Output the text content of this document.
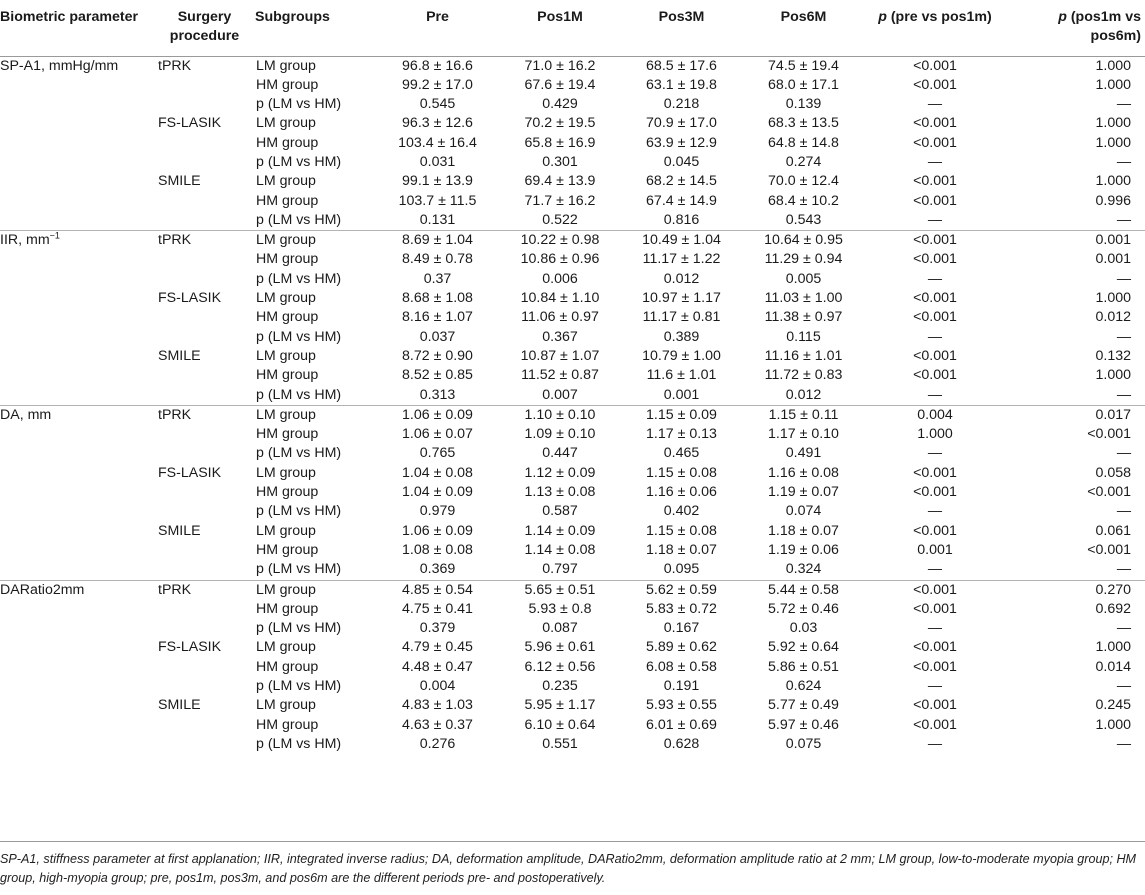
Biometric parameter	Surgery procedure	Subgroups	Pre	Pos1M	Pos3M	Pos6M	p (pre vs pos1m)	p (pos1m vs pos6m)
SP-A1, mmHg/mm	tPRK	LM group	96.8 ± 16.6	71.0 ± 16.2	68.5 ± 17.6	74.5 ± 19.4	<0.001	1.000
		HM group	99.2 ± 17.0	67.6 ± 19.4	63.1 ± 19.8	68.0 ± 17.1	<0.001	1.000
		p (LM vs HM)	0.545	0.429	0.218	0.139	—	—
	FS-LASIK	LM group	96.3 ± 12.6	70.2 ± 19.5	70.9 ± 17.0	68.3 ± 13.5	<0.001	1.000
		HM group	103.4 ± 16.4	65.8 ± 16.9	63.9 ± 12.9	64.8 ± 14.8	<0.001	1.000
		p (LM vs HM)	0.031	0.301	0.045	0.274	—	—
	SMILE	LM group	99.1 ± 13.9	69.4 ± 13.9	68.2 ± 14.5	70.0 ± 12.4	<0.001	1.000
		HM group	103.7 ± 11.5	71.7 ± 16.2	67.4 ± 14.9	68.4 ± 10.2	<0.001	0.996
		p (LM vs HM)	0.131	0.522	0.816	0.543	—	—
IIR, $mm^{-1}$	tPRK	LM group	8.69 ± 1.04	10.22 ± 0.98	10.49 ± 1.04	10.64 ± 0.95	<0.001	0.001
		HM group	8.49 ± 0.78	10.86 ± 0.96	11.17 ± 1.22	11.29 ± 0.94	<0.001	0.001
		p (LM vs HM)	0.37	0.006	0.012	0.005	—	—
	FS-LASIK	LM group	8.68 ± 1.08	10.84 ± 1.10	10.97 ± 1.17	11.03 ± 1.00	<0.001	1.000
		HM group	8.16 ± 1.07	11.06 ± 0.97	11.17 ± 0.81	11.38 ± 0.97	<0.001	0.012
		p (LM vs HM)	0.037	0.367	0.389	0.115	—	—
	SMILE	LM group	8.72 ± 0.90	10.87 ± 1.07	10.79 ± 1.00	11.16 ± 1.01	<0.001	0.132
		HM group	8.52 ± 0.85	11.52 ± 0.87	11.6 ± 1.01	11.72 ± 0.83	<0.001	1.000
		p (LM vs HM)	0.313	0.007	0.001	0.012	—	—
DA, mm	tPRK	LM group	1.06 ± 0.09	1.10 ± 0.10	1.15 ± 0.09	1.15 ± 0.11	0.004	0.017
		HM group	1.06 ± 0.07	1.09 ± 0.10	1.17 ± 0.13	1.17 ± 0.10	1.000	<0.001
		p (LM vs HM)	0.765	0.447	0.465	0.491	—	—
	FS-LASIK	LM group	1.04 ± 0.08	1.12 ± 0.09	1.15 ± 0.08	1.16 ± 0.08	<0.001	0.058
		HM group	1.04 ± 0.09	1.13 ± 0.08	1.16 ± 0.06	1.19 ± 0.07	<0.001	<0.001
		p (LM vs HM)	0.979	0.587	0.402	0.074	—	—
	SMILE	LM group	1.06 ± 0.09	1.14 ± 0.09	1.15 ± 0.08	1.18 ± 0.07	<0.001	0.061
		HM group	1.08 ± 0.08	1.14 ± 0.08	1.18 ± 0.07	1.19 ± 0.06	0.001	<0.001
		p (LM vs HM)	0.369	0.797	0.095	0.324	—	—
DARatio2mm	tPRK	LM group	4.85 ± 0.54	5.65 ± 0.51	5.62 ± 0.59	5.44 ± 0.58	<0.001	0.270
		HM group	4.75 ± 0.41	5.93 ± 0.8	5.83 ± 0.72	5.72 ± 0.46	<0.001	0.692
		p (LM vs HM)	0.379	0.087	0.167	0.03	—	—
	FS-LASIK	LM group	4.79 ± 0.45	5.96 ± 0.61	5.89 ± 0.62	5.92 ± 0.64	<0.001	1.000
		HM group	4.48 ± 0.47	6.12 ± 0.56	6.08 ± 0.58	5.86 ± 0.51	<0.001	0.014
		p (LM vs HM)	0.004	0.235	0.191	0.624	—	—
	SMILE	LM group	4.83 ± 1.03	5.95 ± 1.17	5.93 ± 0.55	5.77 ± 0.49	<0.001	0.245
		HM group	4.63 ± 0.37	6.10 ± 0.64	6.01 ± 0.69	5.97 ± 0.46	<0.001	1.000
		p (LM vs HM)	0.276	0.551	0.628	0.075	—	—
SP-A1, stiffness parameter at first applanation; IIR, integrated inverse radius; DA, deformation amplitude, DARatio2mm, deformation amplitude ratio at 2 mm; LM group, low-to-moderate myopia group; HM group, high-myopia group; pre, pos1m, pos3m, and pos6m are the different periods pre- and postoperatively.
